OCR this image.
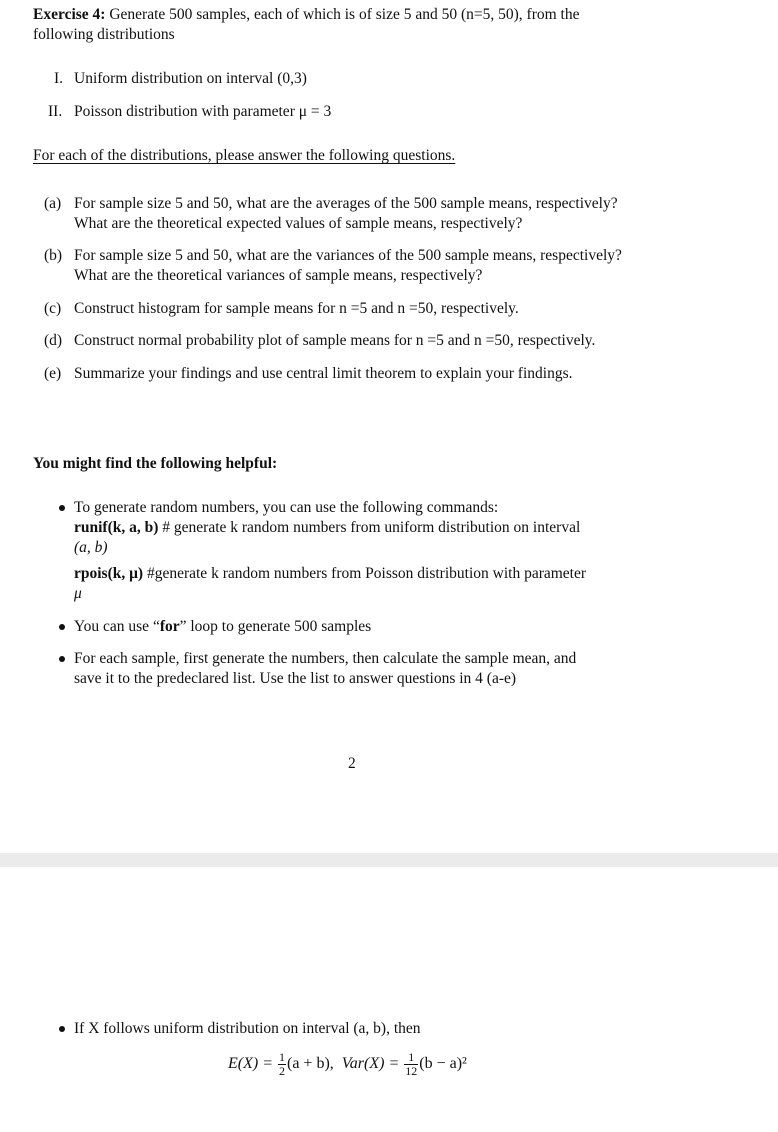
Exercise 4: Generate 500 samples, each of which is of size 5 and 50 (n=5, 50), from the
following distributions
I. Uniform distribution on interval (0,3)
II. Poisson distribution with parameter μ = 3
For each of the distributions, please answer the following questions.
(a) For sample size 5 and 50, what are the averages of the 500 sample means, respectively?
What are the theoretical expected values of sample means, respectively?
(b) For sample size 5 and 50, what are the variances of the 500 sample means, respectively?
What are the theoretical variances of sample means, respectively?
(c) Construct histogram for sample means for n =5 and n =50, respectively.
(d) Construct normal probability plot of sample means for n =5 and n =50, respectively.
(e) Summarize your findings and use central limit theorem to explain your findings.
You might find the following helpful:
To generate random numbers, you can use the following commands:
runif(k, a, b) # generate k random numbers from uniform distribution on interval
(a, b)
rpois(k, μ) #generate k random numbers from Poisson distribution with parameter
μ
You can use “for” loop to generate 500 samples
For each sample, first generate the numbers, then calculate the sample mean, and
save it to the predeclared list. Use the list to answer questions in 4 (a-e)
2
If X follows uniform distribution on interval (a, b), then
$E(X) = \frac{1}{2} (a + b)$, $Var(X) = \frac{1}{12} (b - a)^2$
